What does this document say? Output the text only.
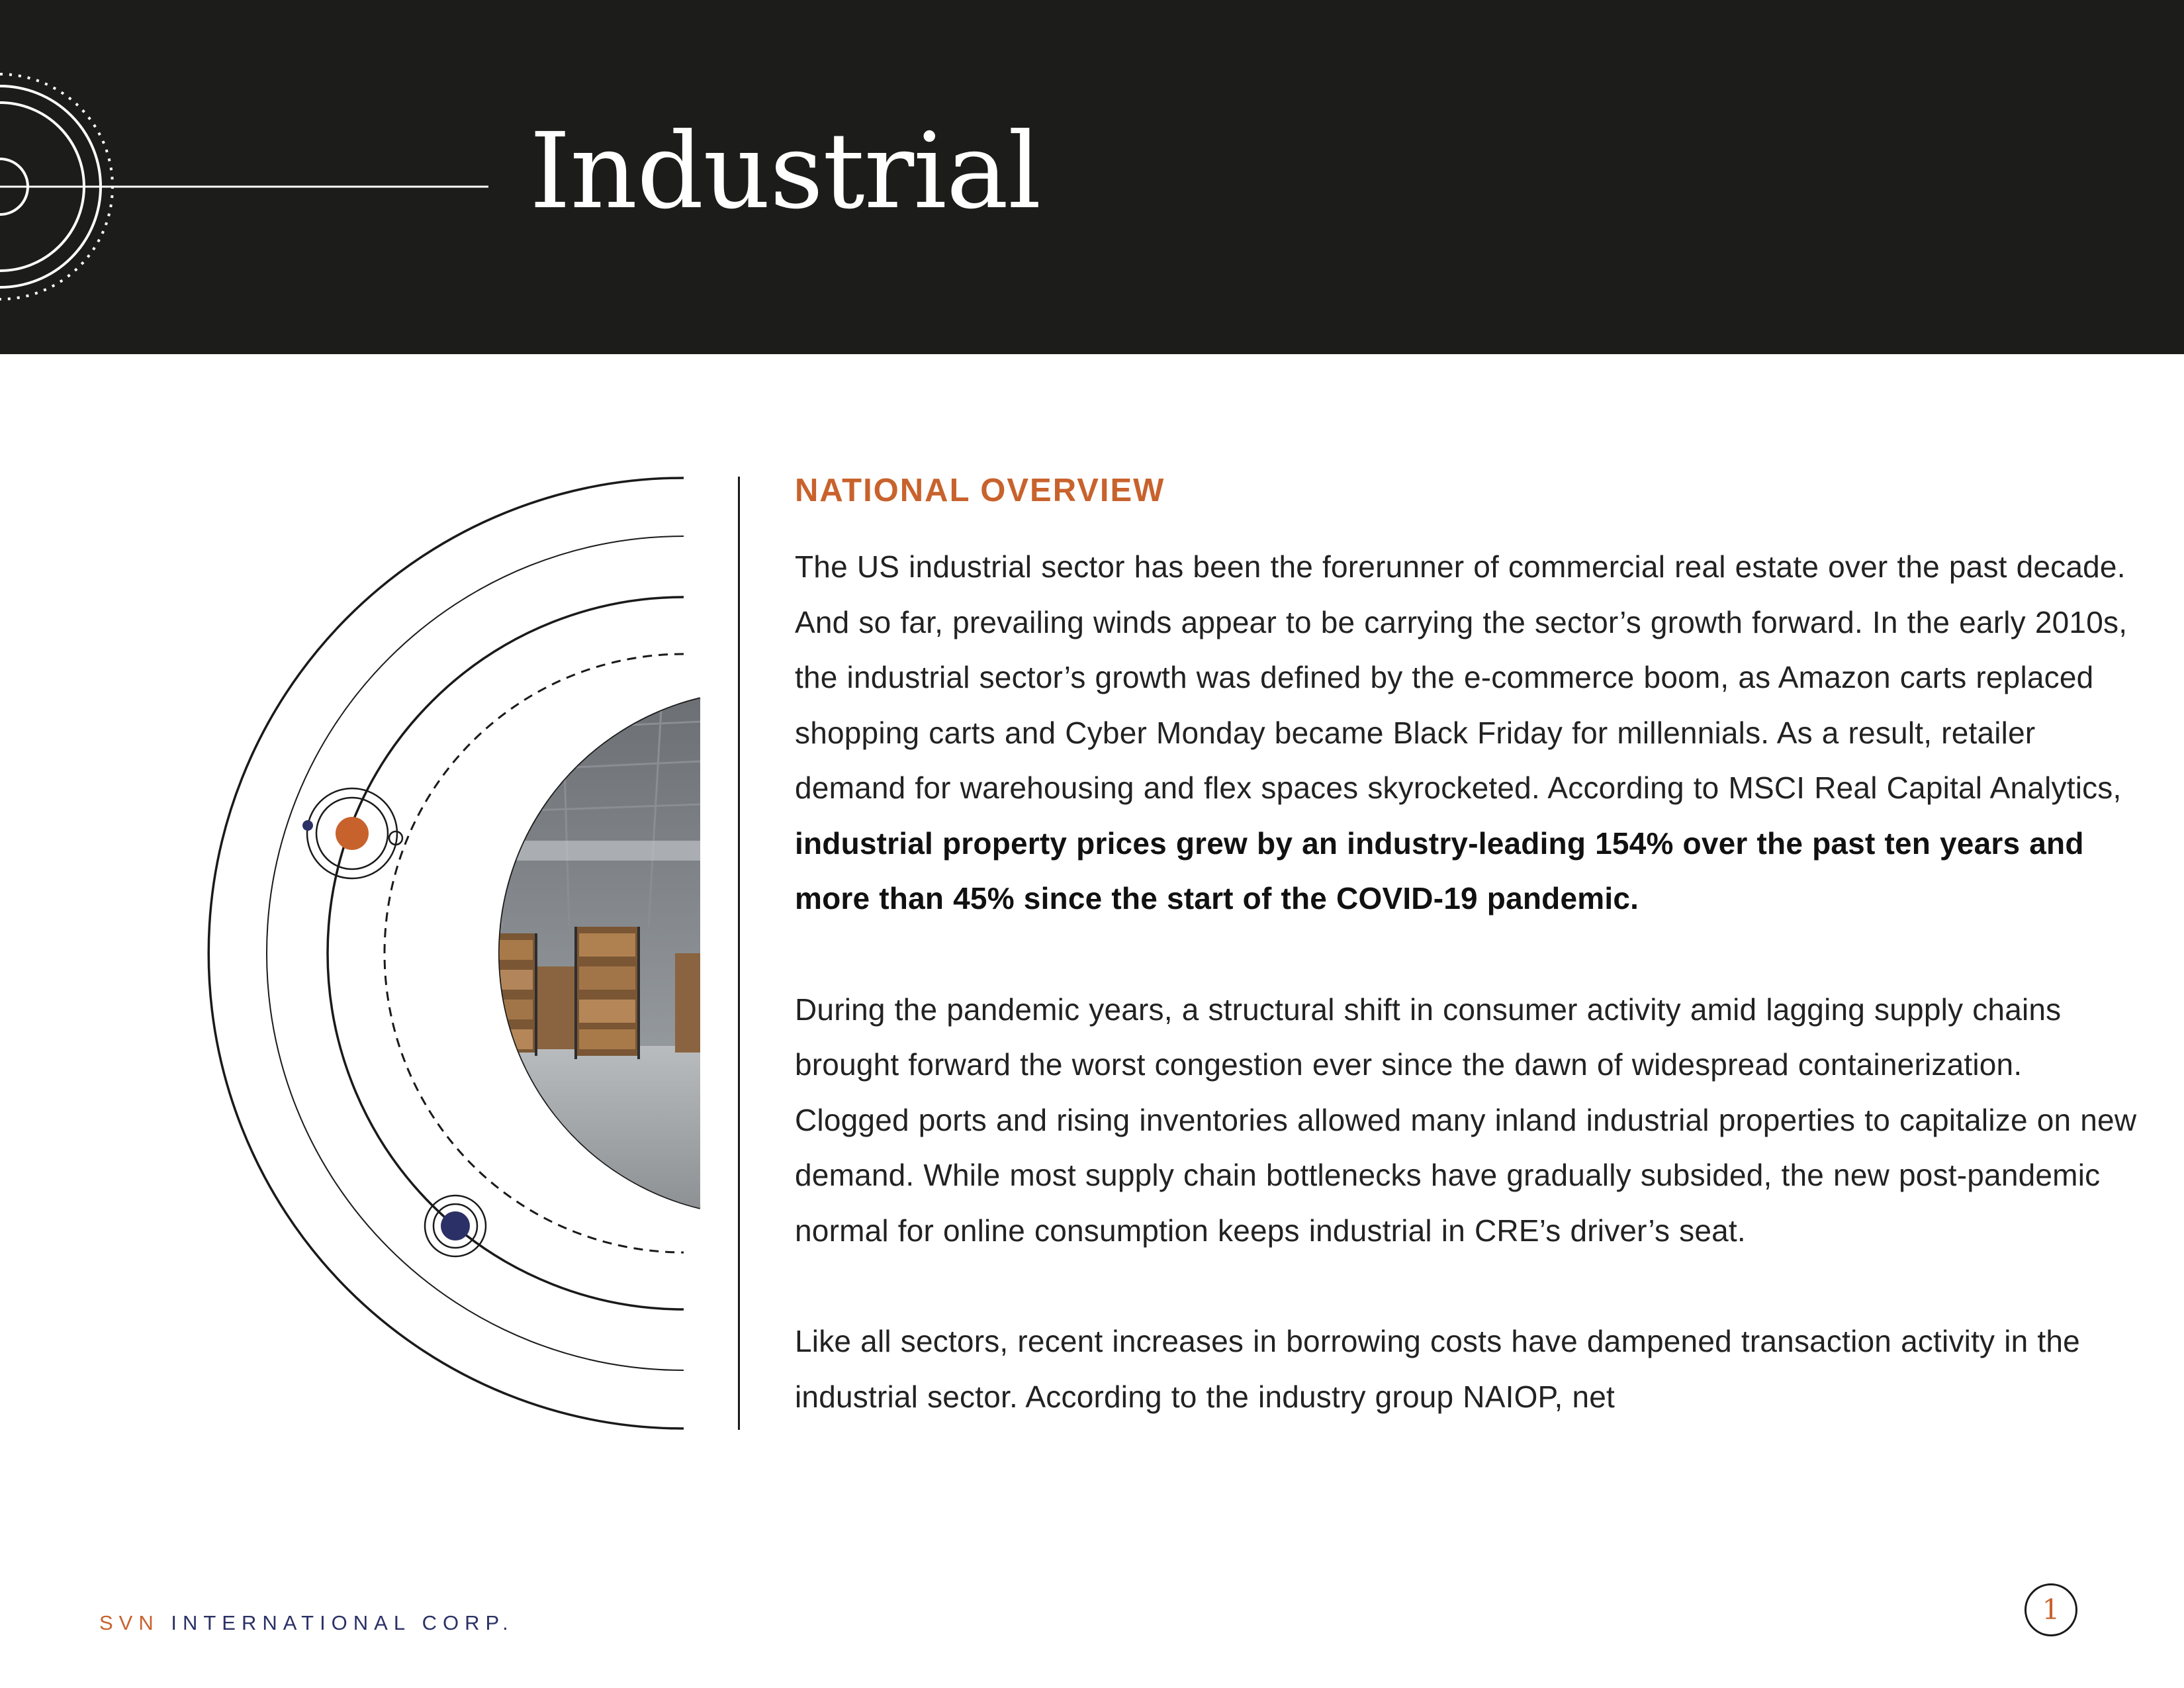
Industrial
NATIONAL OVERVIEW

The US industrial sector has been the forerunner of commercial real estate over the past decade. And so far, prevailing winds appear to be carrying the sector’s growth forward. In the early 2010s, the industrial sector’s growth was defined by the e-commerce boom, as Amazon carts replaced shopping carts and Cyber Monday became Black Friday for millennials. As a result, retailer demand for warehousing and flex spaces skyrocketed. According to MSCI Real Capital Analytics, industrial property prices grew by an industry-leading 154% over the past ten years and more than 45% since the start of the COVID-19 pandemic.

During the pandemic years, a structural shift in consumer activity amid lagging supply chains brought forward the worst congestion ever since the dawn of widespread containerization. Clogged ports and rising inventories allowed many inland industrial properties to capitalize on new demand. While most supply chain bottlenecks have gradually subsided, the new post-pandemic normal for online consumption keeps industrial in CRE’s driver’s seat.

Like all sectors, recent increases in borrowing costs have dampened transaction activity in the industrial sector. According to the industry group NAIOP, net

SVN INTERNATIONAL CORP.	1
